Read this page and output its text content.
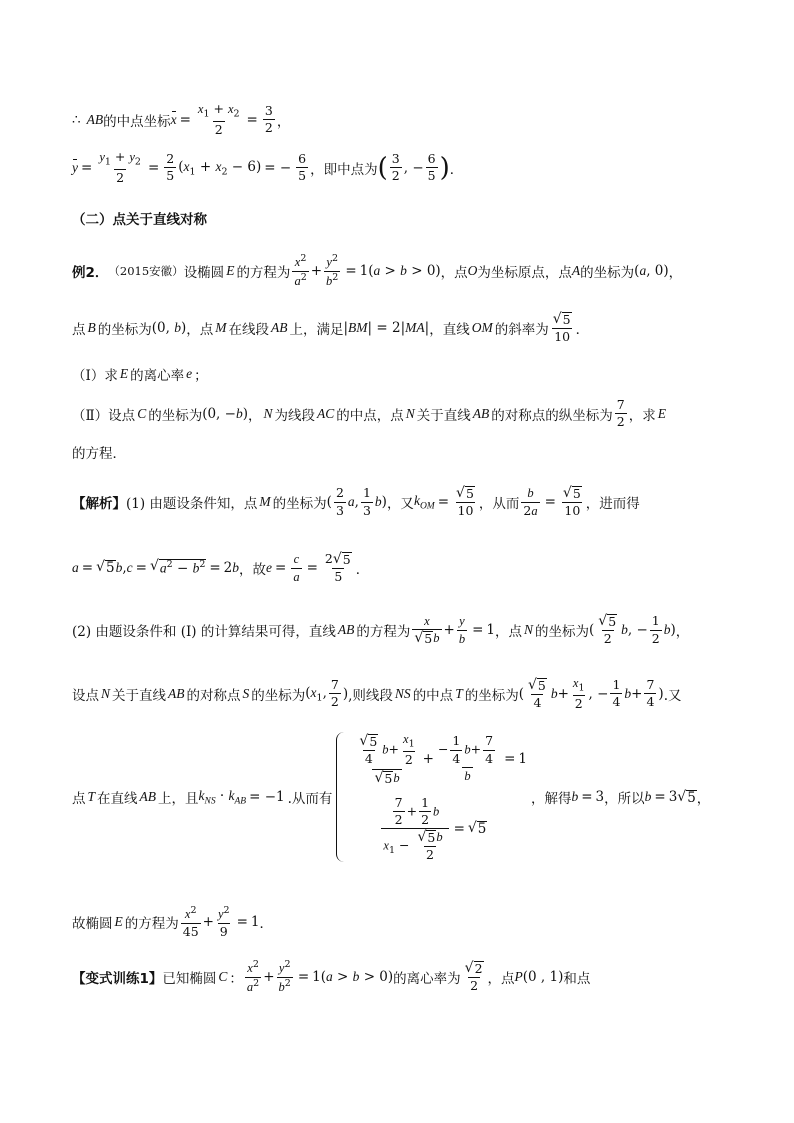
∴ AB 的中点坐标 $x = \frac{x_1 + x_2}{2} = \frac{3}{2}$ ，
$y = \frac{y_1 + y_2}{2} = \frac{2}{5} (x_1 + x_2 - 6)$ = − $\frac{6}{5}$ ，即中点为 ( $\frac{3}{2}$ , − $\frac{6}{5}$ ) ．
（二）点关于直线对称
例2． （2015安徽） 设椭圆 E 的方程为 $\frac{x^2}{a^2} + \frac{y^2}{b^2} = 1(a > b > 0)$ ，点 O 为坐标原点，点 A 的坐标为 (a, 0) ，
点 B 的坐标为 (0, b) ，点 M 在线段 AB 上，满足 |BM| = 2|MA| ，直线 OM 的斜率为 $\frac{√ 5}{10}$ ．
（Ⅰ）求 E 的离心率 e ；
（Ⅱ）设点 C 的坐标为 (0, −b) ， N 为线段 AC 的中点，点 N 关于直线 AB 的对称点的纵坐标为 $\frac{7}{2}$ ，求 E
的方程．
【解析】 (1) 由题设条件知，点 M 的坐标为 ( $\frac{2}{3}$ a , $\frac{1}{3}$ b ) ，又 $k_{OM} = \frac{√ 5}{10}$ ，从而 $\frac{b}{2a} = \frac{√ 5}{10}$ ，进而得
a = √ 5 b , c = √ $a^2 - b^2 = 2b$ ，故 $e = \frac{c}{a} = \frac{2 √ 5}{5}$ ．
(2) 由题设条件和 (I) 的计算结果可得，直线 AB 的方程为 $\frac{x}{√ 5 b} + \frac{y}{b} = 1$ ，点 N 的坐标为 ( $\frac{√ 5}{2}$ b , − $\frac{1}{2}$ b ) ，
设点 N 关于直线 AB 的对称点 S 的坐标为 ($x_1$, $\frac{7}{2}$ ) ,则线段 NS 的中点 T 的坐标为 ( $\frac{√ 5}{4}$ $b + \frac{x_1}{2}$ , − $\frac{1}{4}$ $b + \frac{7}{4}$ ) .又
点 T 在直线 AB 上，且 $k_{NS} \cdot k_{AB} = -1$ .从而有
$\frac{\frac{√ 5}{4} b+ \frac{x_1}{2}}{√ 5 b} + \frac{- \frac{1}{4} b+ \frac{7}{4}}{b} = 1$
$\frac{\frac{7}{2} + \frac{1}{2} b}{x_1 - \frac{√ 5 b}{2}}$ = √ 5
，解得 b = 3 ，所以 b = 3 √ 5 ，
故椭圆 E 的方程为 $\frac{x^2}{45} + \frac{y^2}{9} = 1$ ．
【变式训练1】 已知椭圆 C ： $\frac{x^2}{a^2} + \frac{y^2}{b^2} = 1(a > b > 0)$ 的离心率为 $\frac{√ 2}{2}$ ，点 P(0 , 1) 和点
